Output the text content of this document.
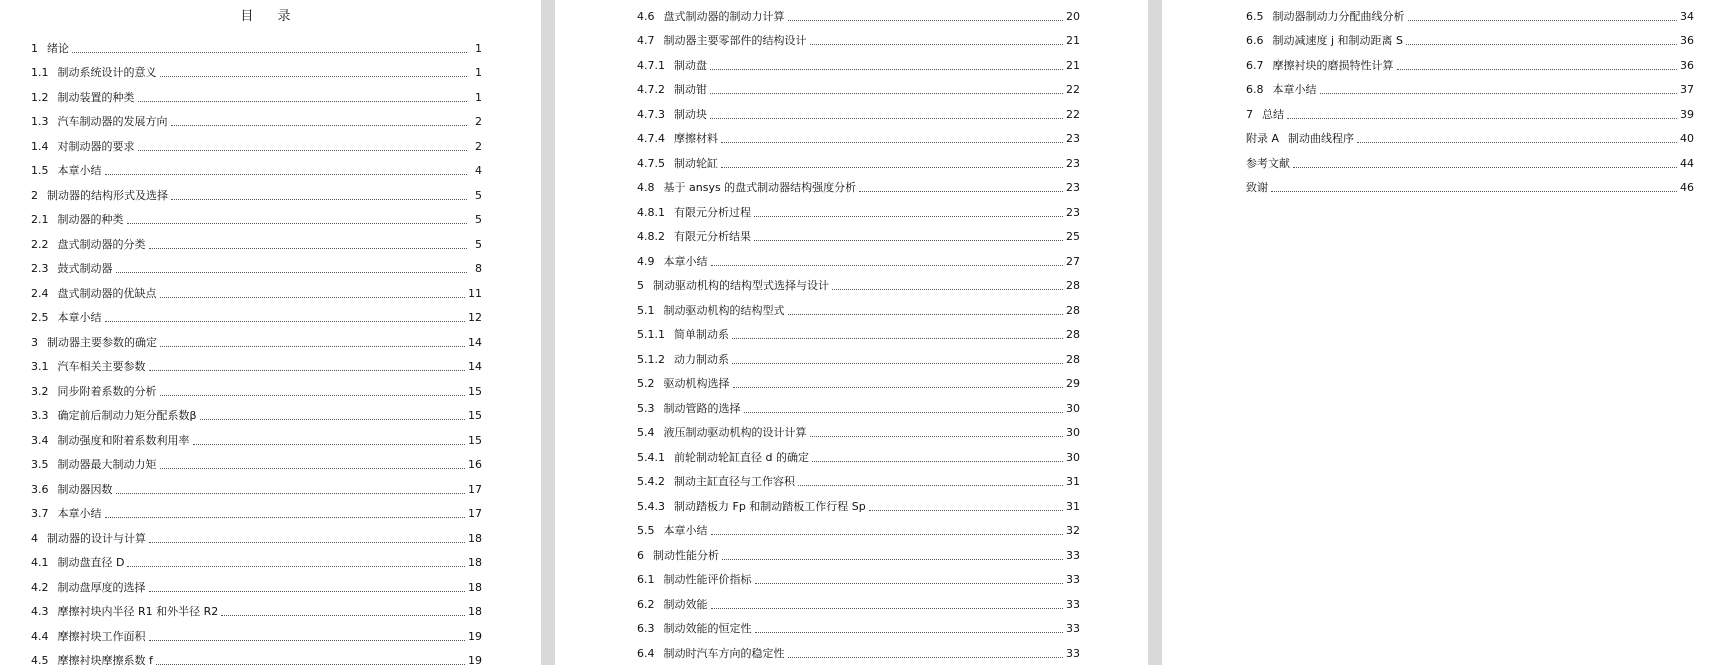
目 录
1 绪论	1
1.1 制动系统设计的意义	1
1.2 制动装置的种类	1
1.3 汽车制动器的发展方向	2
1.4 对制动器的要求	2
1.5 本章小结	4
2 制动器的结构形式及选择	5
2.1 制动器的种类	5
2.2 盘式制动器的分类	5
2.3 鼓式制动器	8
2.4 盘式制动器的优缺点	11
2.5 本章小结	12
3 制动器主要参数的确定	14
3.1 汽车相关主要参数	14
3.2 同步附着系数的分析	15
3.3 确定前后制动力矩分配系数β	15
3.4 制动强度和附着系数利用率	15
3.5 制动器最大制动力矩	16
3.6 制动器因数	17
3.7 本章小结	17
4 制动器的设计与计算	18
4.1 制动盘直径 D	18
4.2 制动盘厚度的选择	18
4.3 摩擦衬块内半径 R1 和外半径 R2	18
4.4 摩擦衬块工作面积	19
4.5 摩擦衬块摩擦系数 f	19
4.6 盘式制动器的制动力计算	20
4.7 制动器主要零部件的结构设计	21
4.7.1 制动盘	21
4.7.2 制动钳	22
4.7.3 制动块	22
4.7.4 摩擦材料	23
4.7.5 制动轮缸	23
4.8 基于 ansys 的盘式制动器结构强度分析	23
4.8.1 有限元分析过程	23
4.8.2 有限元分析结果	25
4.9 本章小结	27
5 制动驱动机构的结构型式选择与设计	28
5.1 制动驱动机构的结构型式	28
5.1.1 简单制动系	28
5.1.2 动力制动系	28
5.2 驱动机构选择	29
5.3 制动管路的选择	30
5.4 液压制动驱动机构的设计计算	30
5.4.1 前轮制动轮缸直径 d 的确定	30
5.4.2 制动主缸直径与工作容积	31
5.4.3 制动踏板力 Fp 和制动踏板工作行程 Sp	31
5.5 本章小结	32
6 制动性能分析	33
6.1 制动性能评价指标	33
6.2 制动效能	33
6.3 制动效能的恒定性	33
6.4 制动时汽车方向的稳定性	33
6.5 制动器制动力分配曲线分析	34
6.6 制动减速度 j 和制动距离 S	36
6.7 摩擦衬块的磨损特性计算	36
6.8 本章小结	37
7 总结	39
附录 A 制动曲线程序	40
参考文献	44
致谢	46
